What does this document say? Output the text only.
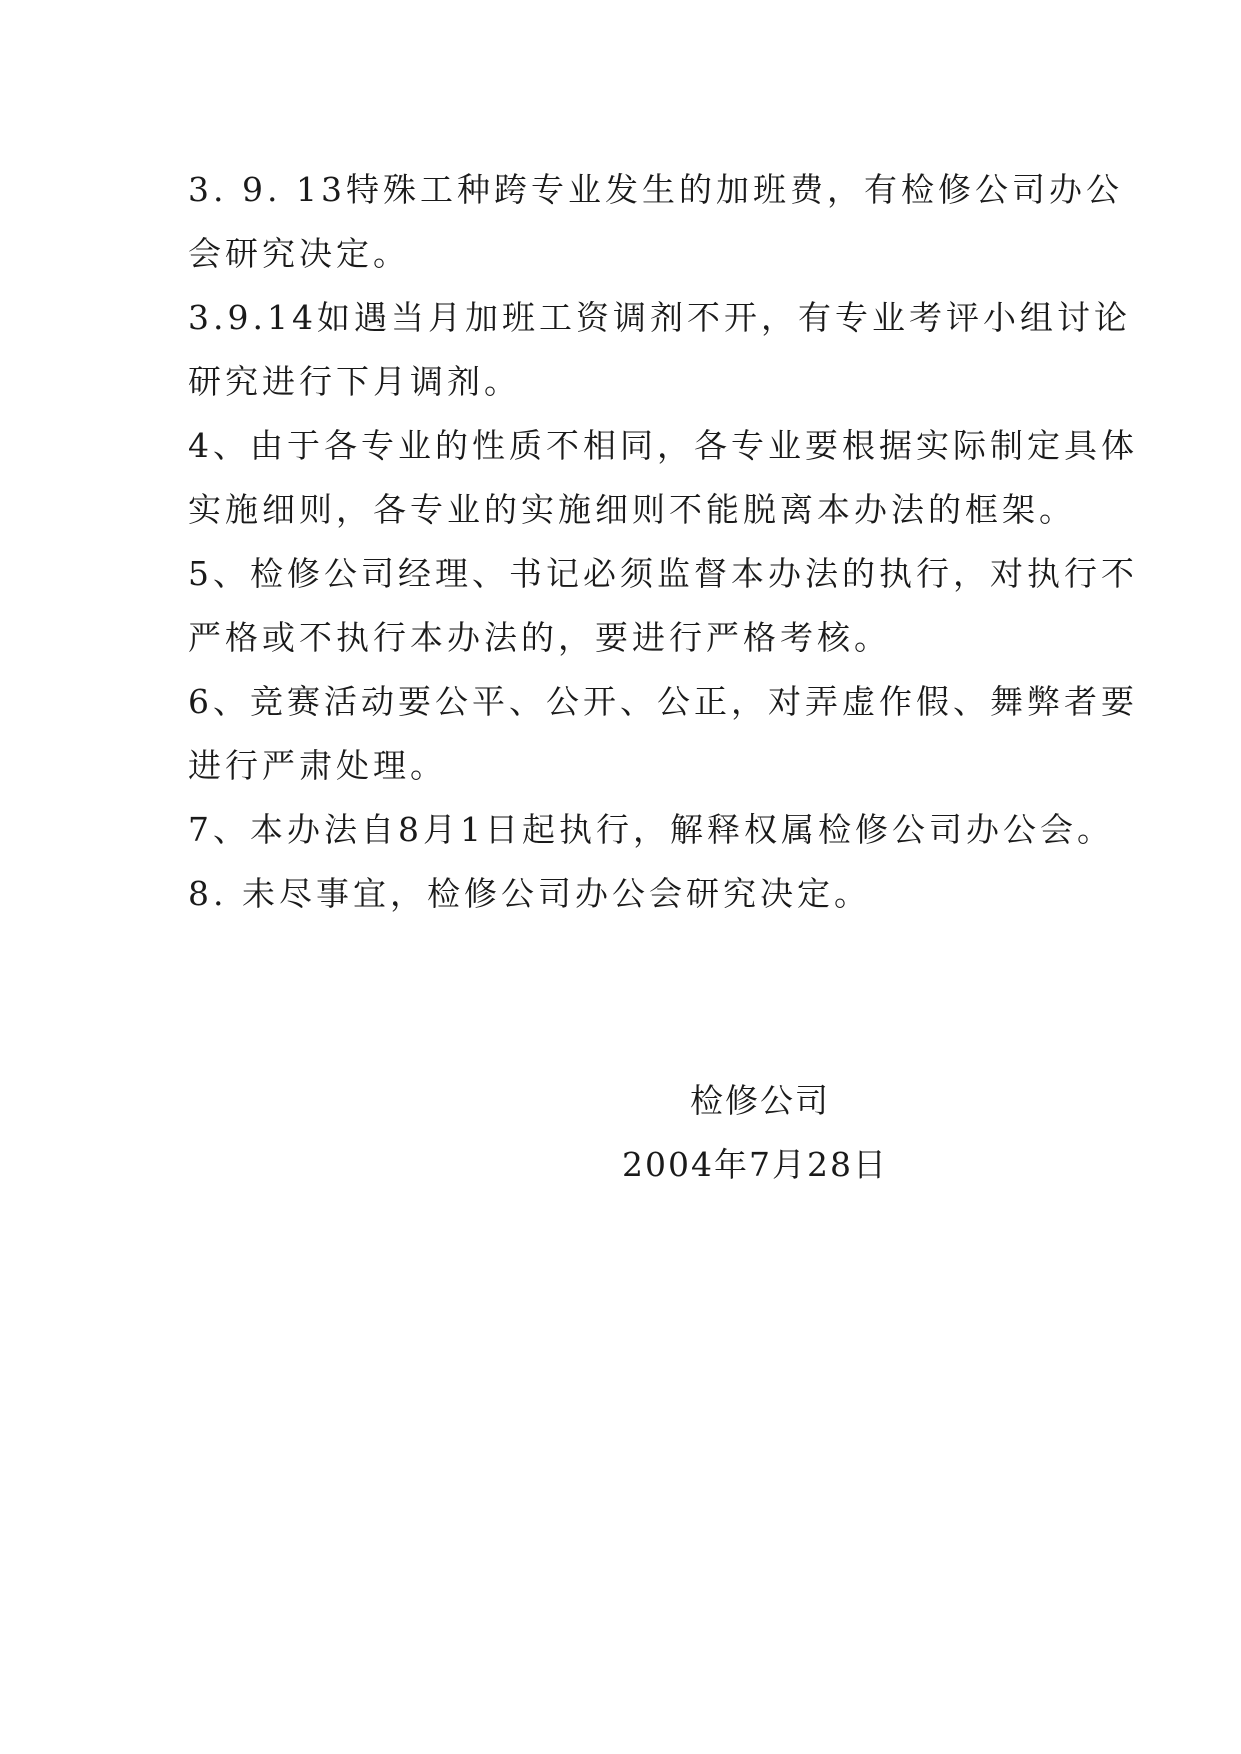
3. 9. 13特殊工种跨专业发生的加班费，有检修公司办公
会研究决定。
3.9.14如遇当月加班工资调剂不开，有专业考评小组讨论
研究进行下月调剂。
4、由于各专业的性质不相同，各专业要根据实际制定具体
实施细则，各专业的实施细则不能脱离本办法的框架。
5、检修公司经理、书记必须监督本办法的执行，对执行不
严格或不执行本办法的，要进行严格考核。
6、竞赛活动要公平、公开、公正，对弄虚作假、舞弊者要
进行严肃处理。
7、本办法自8月1日起执行，解释权属检修公司办公会。
8. 未尽事宜，检修公司办公会研究决定。
检修公司
2004年7月28日
